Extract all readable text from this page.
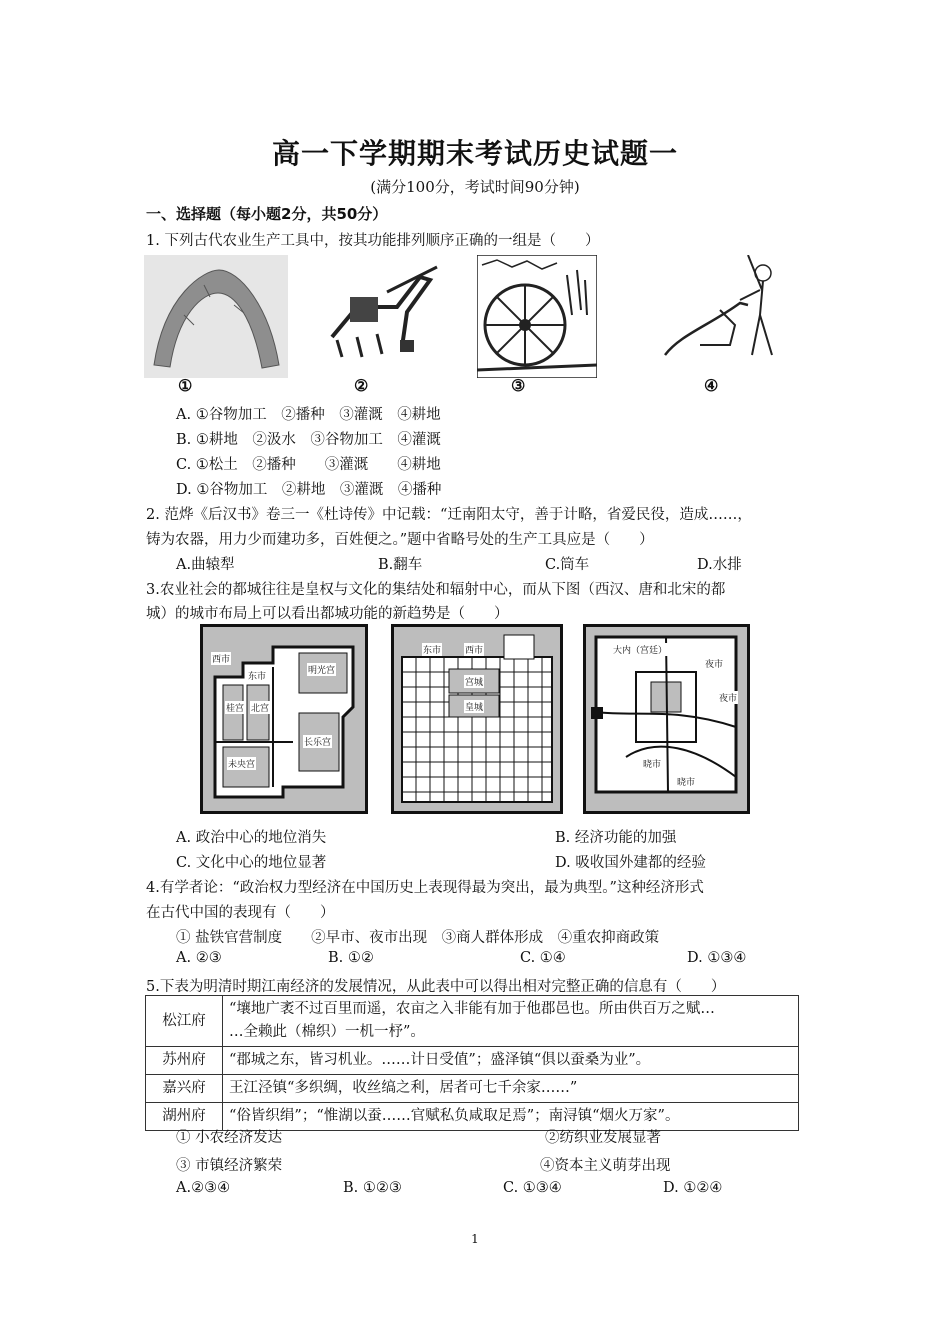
高一下学期期末考试历史试题一
(满分100分，考试时间90分钟)
一、选择题（每小题2分，共50分）
1. 下列古代农业生产工具中，按其功能排列顺序正确的一组是（　　）
①	②	③	④
A. ①谷物加工　②播种　③灌溉　④耕地
B. ①耕地　②汲水　③谷物加工　④灌溉
C. ①松土　②播种　　③灌溉　　④耕地
D. ①谷物加工　②耕地　③灌溉　④播种
2. 范烨《后汉书》卷三一《杜诗传》中记载：“迁南阳太守，善于计略，省爱民役，造成……，
铸为农器，用力少而建功多，百姓便之。”题中省略号处的生产工具应是（　　）
A.曲辕犁	B.翻车	C.筒车	D.水排
3.农业社会的都城往往是皇权与文化的集结处和辐射中心，而从下图（西汉、唐和北宋的都
城）的城市布局上可以看出都城功能的新趋势是（　　）
西市
东市
明光宫
桂宫 北宫
未央宫
长乐宫
东市	西市
宫城
皇城
大内（宫廷）
夜市
夜市
晓市
晓市
A. 政治中心的地位消失	B. 经济功能的加强
C. 文化中心的地位显著	D. 吸收国外建都的经验
4.有学者论：“政治权力型经济在中国历史上表现得最为突出，最为典型。”这种经济形式
在古代中国的表现有（　　）
① 盐铁官营制度　　②早市、夜市出现　③商人群体形成　④重农抑商政策
A. ②③	B. ①②	C. ①④	D. ①③④
5.下表为明清时期江南经济的发展情况，从此表中可以得出相对完整正确的信息有（　　）
松江府	“壤地广袤不过百里而遥，农亩之入非能有加于他郡邑也。所由供百万之赋…
…全赖此（棉织）一机一杼”。

苏州府	“郡城之东，皆习机业。……计日受值”；盛泽镇“俱以蚕桑为业”。
嘉兴府	王江泾镇“多织绸，收丝缟之利，居者可七千余家……”
湖州府	“俗皆织绢”；“惟湖以蚕……官赋私负咸取足焉”；南浔镇“烟火万家”。
① 小农经济发达	②纺织业发展显著
③ 市镇经济繁荣	④资本主义萌芽出现
A.②③④	B. ①②③	C. ①③④	D. ①②④
1
